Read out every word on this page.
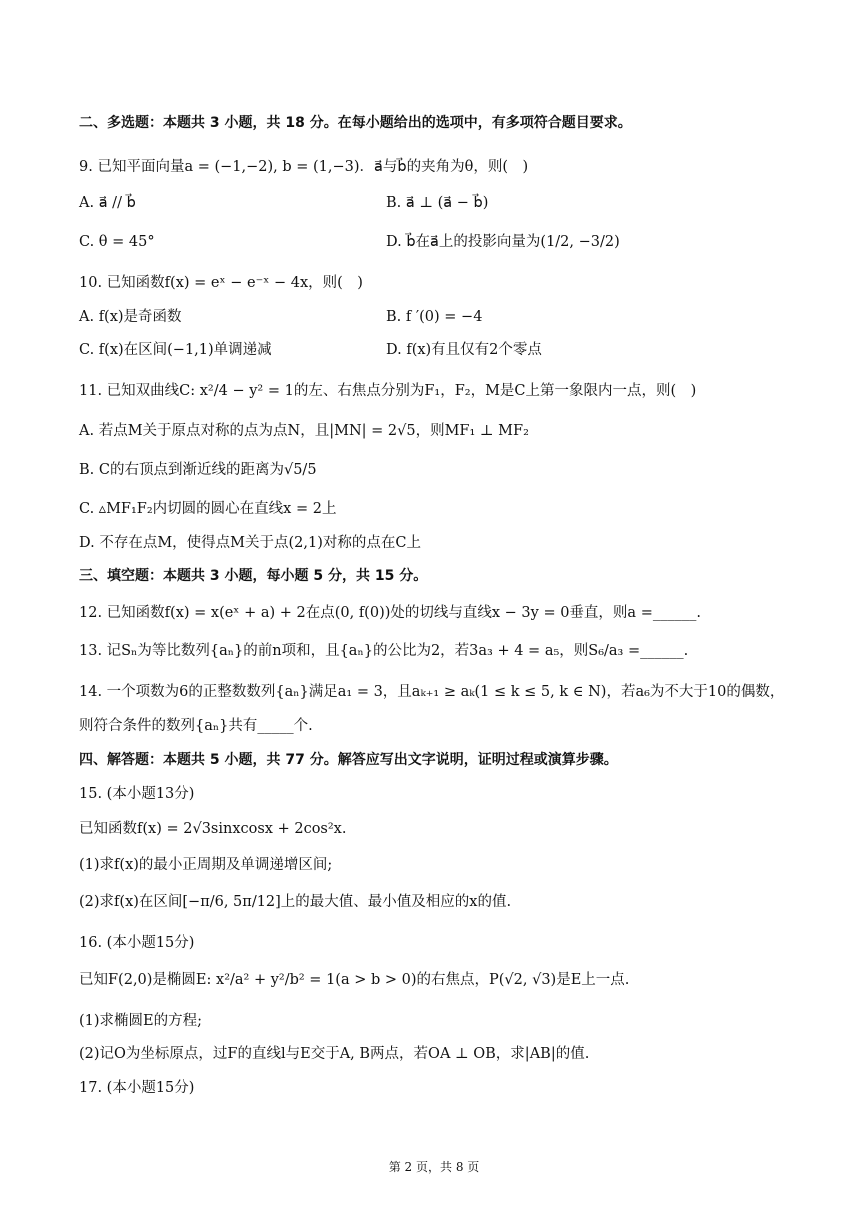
二、多选题：本题共 3 小题，共 18 分。在每小题给出的选项中，有多项符合题目要求。
9. 已知平面向量a = (−1,−2), b = (1,−3)．a⃗与b⃗的夹角为θ，则(　)
A. a⃗ // b⃗	B. a⃗ ⊥ (a⃗ − b⃗)
C. θ = 45°	D. b⃗在a⃗上的投影向量为(1/2, −3/2)
10. 已知函数f(x) = eˣ − e⁻ˣ − 4x，则(　)
A. f(x)是奇函数	B. f ′(0) = −4
C. f(x)在区间(−1,1)单调递减	D. f(x)有且仅有2个零点
11. 已知双曲线C: x²/4 − y² = 1的左、右焦点分别为F₁，F₂，M是C上第一象限内一点，则(　)
A. 若点M关于原点对称的点为点N，且|MN| = 2√5，则MF₁ ⊥ MF₂
B. C的右顶点到渐近线的距离为√5/5
C. ▵MF₁F₂内切圆的圆心在直线x = 2上
D. 不存在点M，使得点M关于点(2,1)对称的点在C上
三、填空题：本题共 3 小题，每小题 5 分，共 15 分。
12. 已知函数f(x) = x(eˣ + a) + 2在点(0, f(0))处的切线与直线x − 3y = 0垂直，则a =______.
13. 记Sₙ为等比数列{aₙ}的前n项和，且{aₙ}的公比为2，若3a₃ + 4 = a₅，则S₆/a₃ =______.
14. 一个项数为6的正整数数列{aₙ}满足a₁ = 3，且aₖ₊₁ ≥ aₖ(1 ≤ k ≤ 5, k ∈ N)，若a₆为不大于10的偶数，
则符合条件的数列{aₙ}共有_____个.
四、解答题：本题共 5 小题，共 77 分。解答应写出文字说明，证明过程或演算步骤。
15. (本小题13分)
已知函数f(x) = 2√3sinxcosx + 2cos²x.
(1)求f(x)的最小正周期及单调递增区间;
(2)求f(x)在区间[−π/6, 5π/12]上的最大值、最小值及相应的x的值.
16. (本小题15分)
已知F(2,0)是椭圆E: x²/a² + y²/b² = 1(a > b > 0)的右焦点，P(√2, √3)是E上一点.
(1)求椭圆E的方程;
(2)记O为坐标原点，过F的直线l与E交于A, B两点，若OA ⊥ OB，求|AB|的值.
17. (本小题15分)
第 2 页，共 8 页
